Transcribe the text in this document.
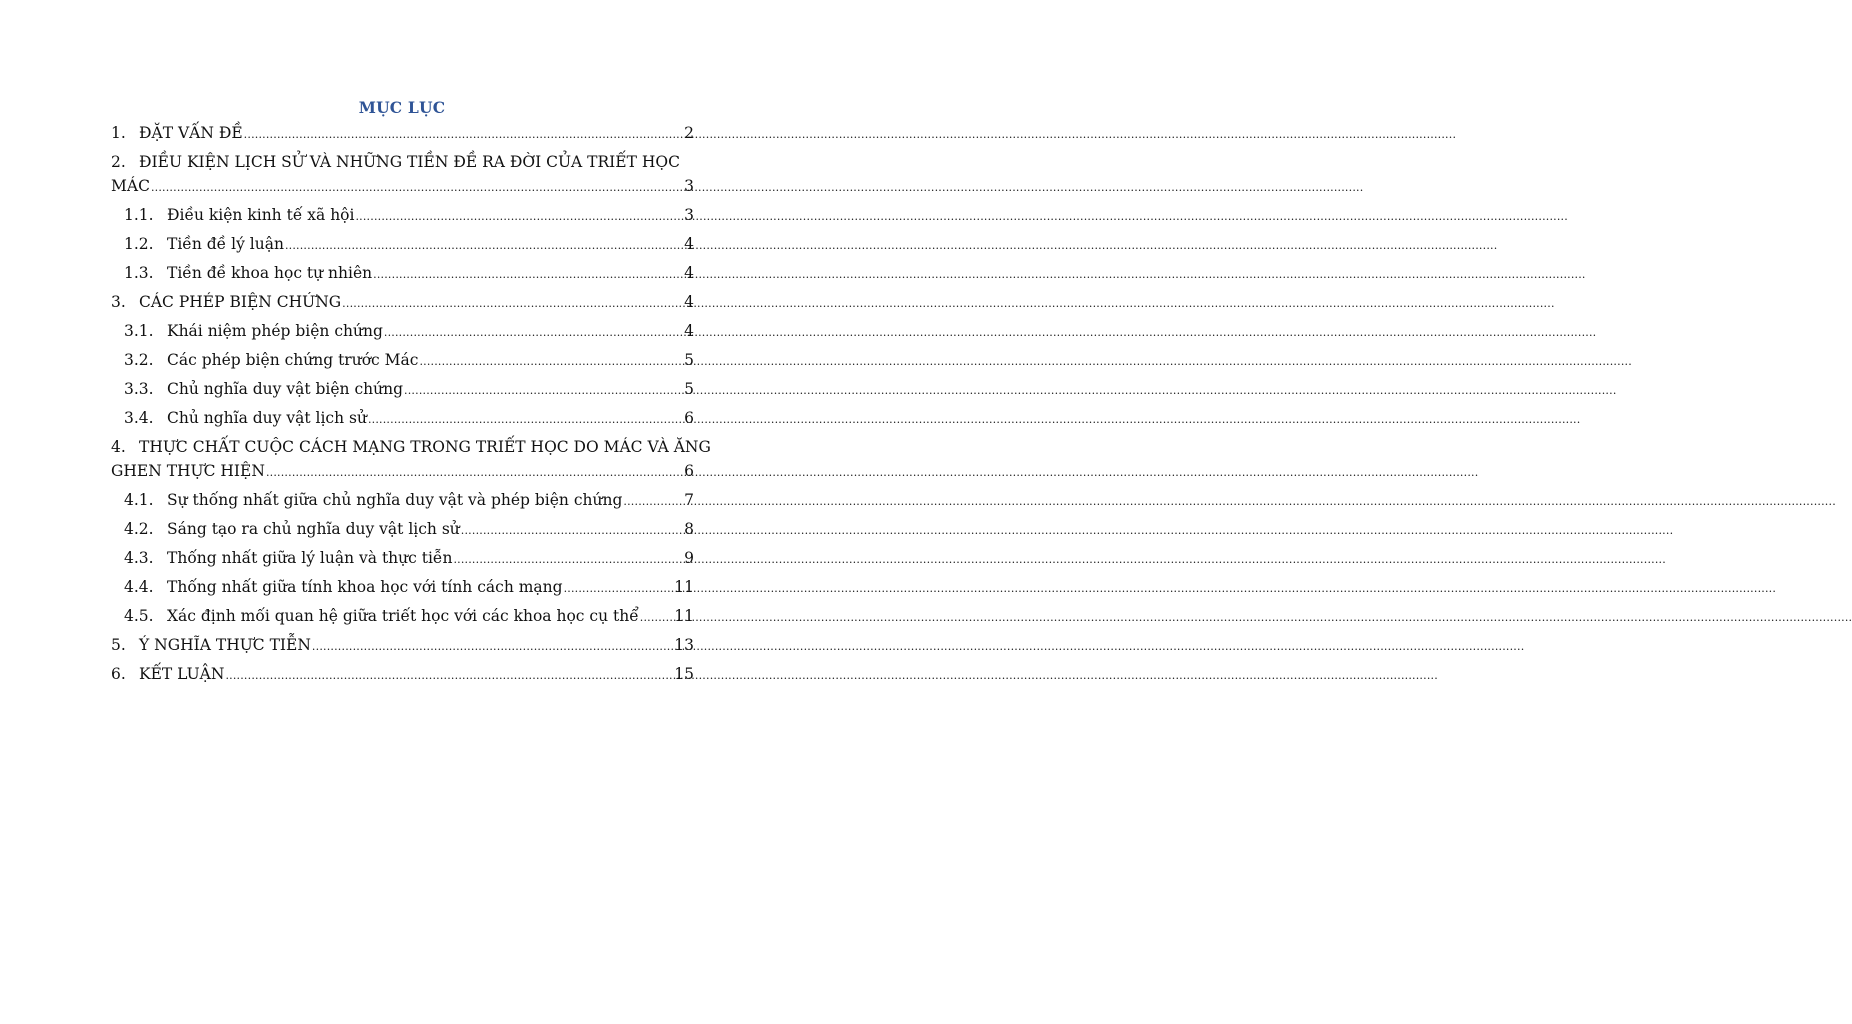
MỤC LỤC
1. ĐẶT VẤN ĐỀ .....	2
2. ĐIỀU KIỆN LỊCH SỬ VÀ NHỮNG TIỀN ĐỀ RA ĐỜI CỦA TRIẾT HỌC
MÁC .....	3
1.1. Điều kiện kinh tế xã hội .....	3
1.2. Tiền đề lý luận .....	4
1.3. Tiền đề khoa học tự nhiên .....	4
3. CÁC PHÉP BIỆN CHỨNG .....	4
3.1. Khái niệm phép biện chứng .....	4
3.2. Các phép biện chứng trước Mác .....	5
3.3. Chủ nghĩa duy vật biện chứng .....	5
3.4. Chủ nghĩa duy vật lịch sử .....	6
4. THỰC CHẤT CUỘC CÁCH MẠNG TRONG TRIẾT HỌC DO MÁC VÀ ĂNG
GHEN THỰC HIỆN .....	6
4.1. Sự thống nhất giữa chủ nghĩa duy vật và phép biện chứng .....	7
4.2. Sáng tạo ra chủ nghĩa duy vật lịch sử .....	8
4.3. Thống nhất giữa lý luận và thực tiễn .....	9
4.4. Thống nhất giữa tính khoa học với tính cách mạng .....	11
4.5. Xác định mối quan hệ giữa triết học với các khoa học cụ thể ..... 11
5. Ý NGHĨA THỰC TIỄN .....	13
6. KẾT LUẬN .....	15
